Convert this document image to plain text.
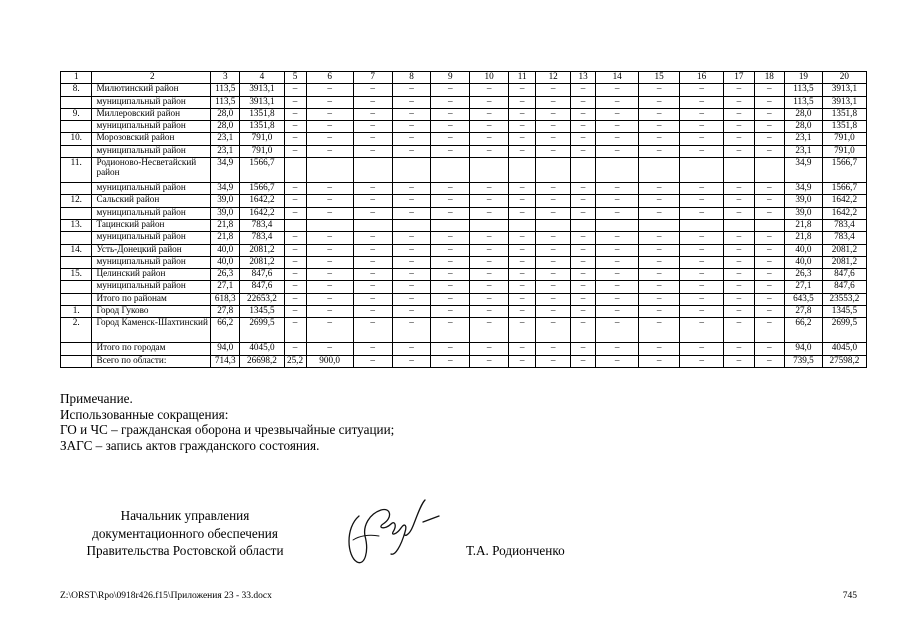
1	2	3	4	5	6	7	8	9	10	11	12	13	14	15	16	17	18	19	20
8.	Милютинский район	113,5	3913,1	–	–	–	–	–	–	–	–	–	–	–	–	–	–	113,5	3913,1
	муниципальный район	113,5	3913,1	–	–	–	–	–	–	–	–	–	–	–	–	–	–	113,5	3913,1
9.	Миллеровский район	28,0	1351,8	–	–	–	–	–	–	–	–	–	–	–	–	–	–	28,0	1351,8
	муниципальный район	28,0	1351,8	–	–	–	–	–	–	–	–	–	–	–	–	–	–	28,0	1351,8
10.	Морозовский район	23,1	791,0	–	–	–	–	–	–	–	–	–	–	–	–	–	–	23,1	791,0
	муниципальный район	23,1	791,0	–	–	–	–	–	–	–	–	–	–	–	–	–	–	23,1	791,0
11.	Родионово-Несветайский район	34,9	1566,7															34,9	1566,7
	муниципальный район	34,9	1566,7	–	–	–	–	–	–	–	–	–	–	–	–	–	–	34,9	1566,7
12.	Сальский район	39,0	1642,2	–	–	–	–	–	–	–	–	–	–	–	–	–	–	39,0	1642,2
	муниципальный район	39,0	1642,2	–	–	–	–	–	–	–	–	–	–	–	–	–	–	39,0	1642,2
13.	Тацинский район	21,8	783,4															21,8	783,4
	муниципальный район	21,8	783,4	–	–	–	–	–	–	–	–	–	–	–	–	–	–	21,8	783,4
14.	Усть-Донецкий район	40,0	2081,2	–	–	–	–	–	–	–	–	–	–	–	–	–	–	40,0	2081,2
	муниципальный район	40,0	2081,2	–	–	–	–	–	–	–	–	–	–	–	–	–	–	40,0	2081,2
15.	Целинский район	26,3	847,6	–	–	–	–	–	–	–	–	–	–	–	–	–	–	26,3	847,6
	муниципальный район	27,1	847,6	–	–	–	–	–	–	–	–	–	–	–	–	–	–	27,1	847,6
	Итого по районам	618,3	22653,2	–	–	–	–	–	–	–	–	–	–	–	–	–	–	643,5	23553,2
1.	Город Гуково	27,8	1345,5	–	–	–	–	–	–	–	–	–	–	–	–	–	–	27,8	1345,5
2.	Город Каменск-Шахтинский	66,2	2699,5	–	–	–	–	–	–	–	–	–	–	–	–	–	–	66,2	2699,5
	Итого по городам	94,0	4045,0	–	–	–	–	–	–	–	–	–	–	–	–	–	–	94,0	4045,0
	Всего по области:	714,3	26698,2	25,2	900,0	–	–	–	–	–	–	–	–	–	–	–	–	739,5	27598,2
Примечание.
Использованные сокращения:
ГО и ЧС – гражданская оборона и чрезвычайные ситуации;
ЗАГС – запись актов гражданского состояния.
Начальник управления
документационного обеспечения
Правительства Ростовской области	Т.А. Родионченко
Z:\ORST\Rpo\0918r426.f15\Приложения 23 - 33.docx	745
